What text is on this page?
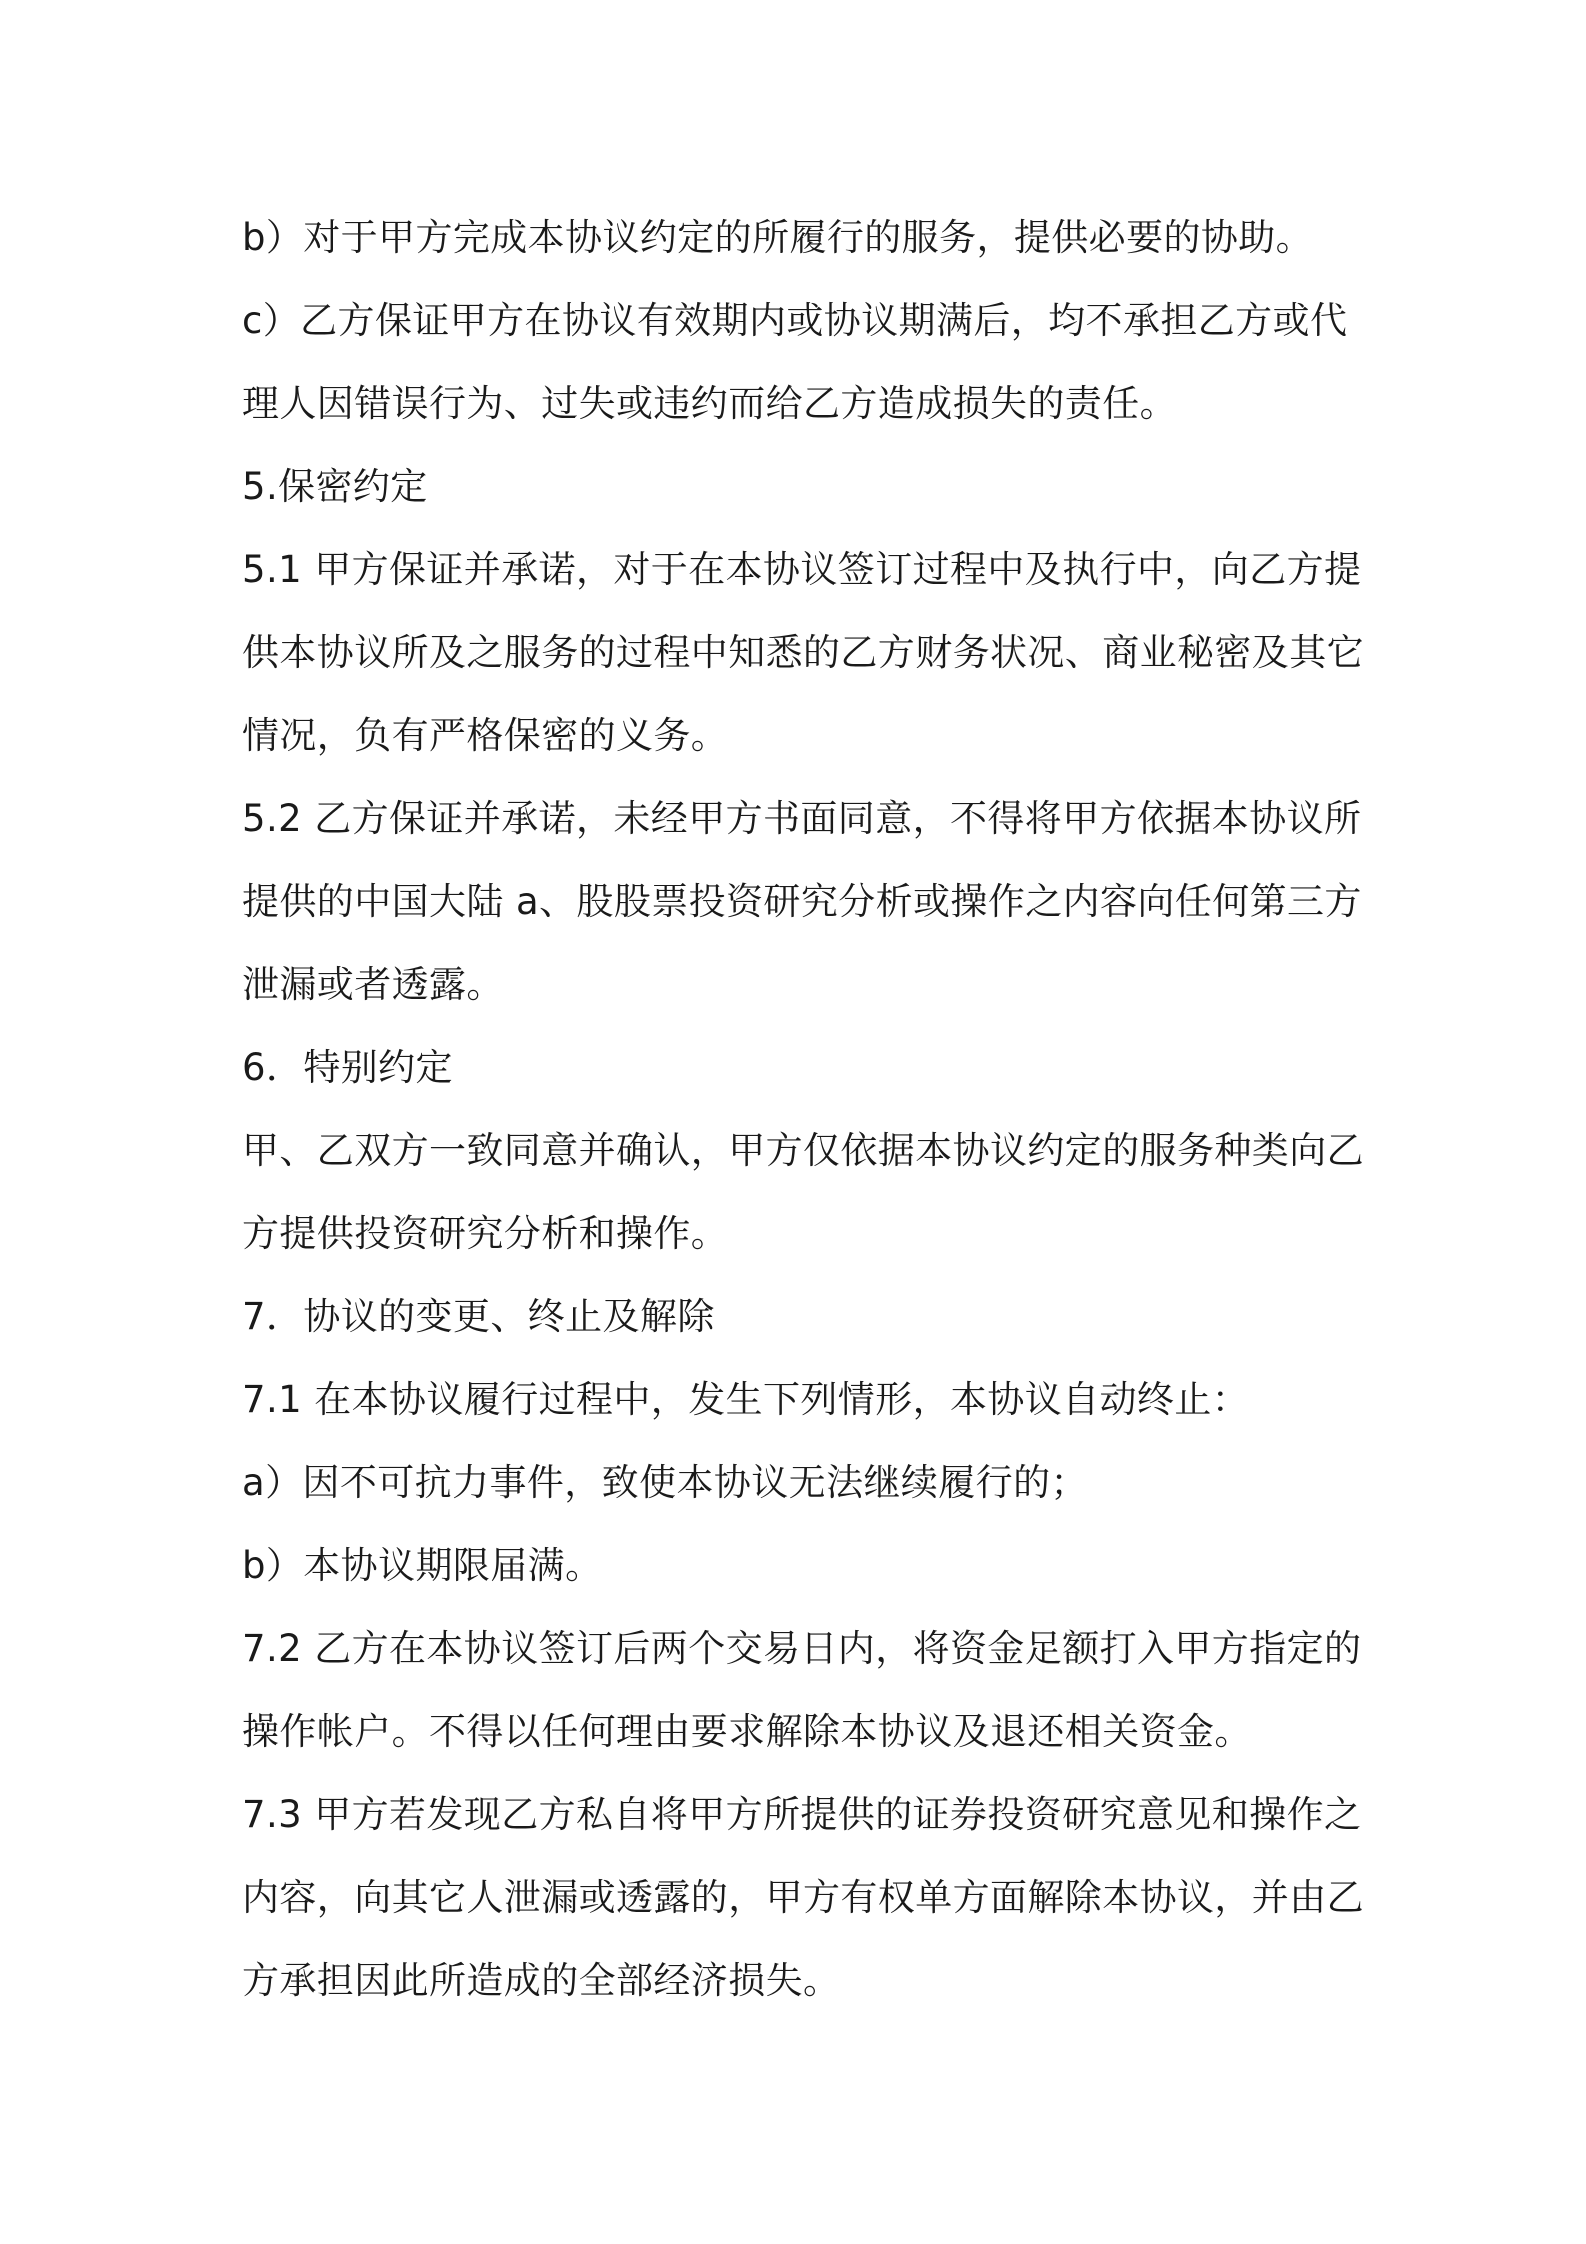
b）对于甲方完成本协议约定的所履行的服务，提供必要的协助。
c）乙方保证甲方在协议有效期内或协议期满后，均不承担乙方或代
理人因错误行为、过失或违约而给乙方造成损失的责任。
5.保密约定
5.1 甲方保证并承诺，对于在本协议签订过程中及执行中，向乙方提
供本协议所及之服务的过程中知悉的乙方财务状况、商业秘密及其它
情况，负有严格保密的义务。
5.2 乙方保证并承诺，未经甲方书面同意，不得将甲方依据本协议所
提供的中国大陆 a、股股票投资研究分析或操作之内容向任何第三方
泄漏或者透露。
6．特别约定
甲、乙双方一致同意并确认，甲方仅依据本协议约定的服务种类向乙
方提供投资研究分析和操作。
7．协议的变更、终止及解除
7.1 在本协议履行过程中，发生下列情形，本协议自动终止：
a）因不可抗力事件，致使本协议无法继续履行的；
b）本协议期限届满。
7.2 乙方在本协议签订后两个交易日内，将资金足额打入甲方指定的
操作帐户。不得以任何理由要求解除本协议及退还相关资金。
7.3 甲方若发现乙方私自将甲方所提供的证券投资研究意见和操作之
内容，向其它人泄漏或透露的，甲方有权单方面解除本协议，并由乙
方承担因此所造成的全部经济损失。
